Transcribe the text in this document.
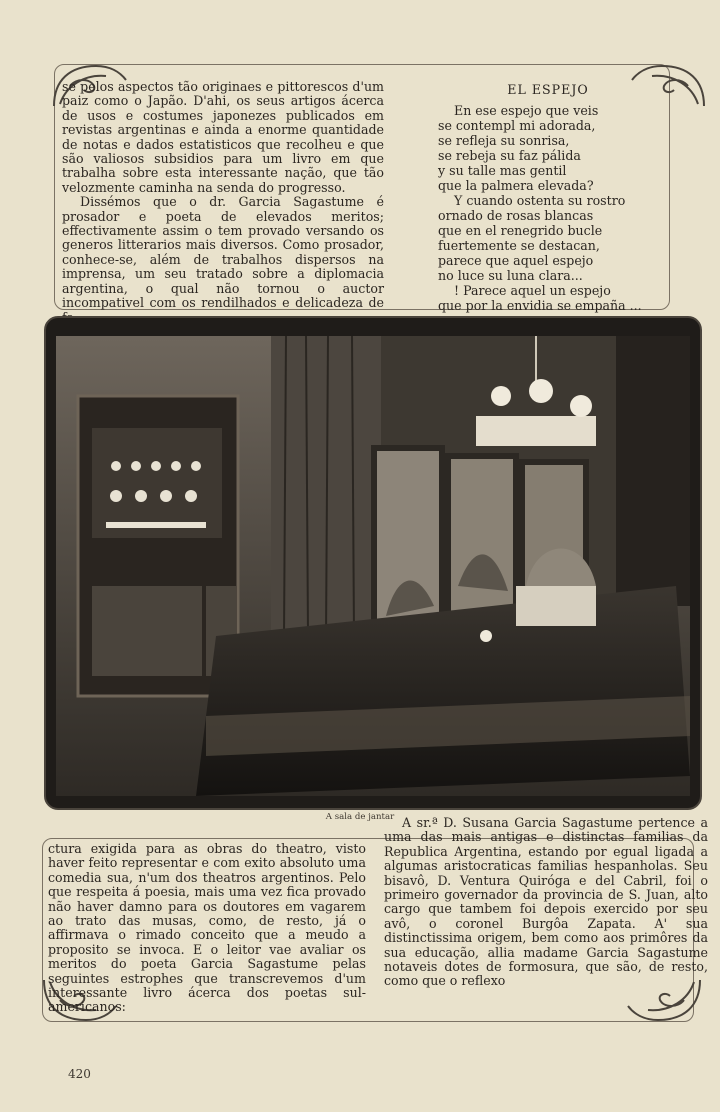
se pelos aspectos tão originaes e pittorescos d'um paiz como o Japão. D'ahi, os seus artigos ácerca de usos e costumes japonezes publicados em revistas argentinas e ainda a enorme quantidade de notas e dados estatisticos que recolheu e que são valiosos subsidios para um livro em que trabalha sobre esta interessante nação, que tão velozmente caminha na senda do progresso.

Dissémos que o dr. Garcia Sagastume é prosador e poeta de elevados meritos; effectivamente assim o tem provado versando os generos litterarios mais diversos. Como prosador, conhece-se, além de trabalhos dispersos na imprensa, um seu tratado sobre a diplomacia argentina, o qual não tornou o auctor incompativel com os rendilhados e delicadeza de

EL ESPEJO
En ese espejo que veis
se contempl mi adorada,
se refleja su sonrisa,
se rebeja su faz pálida
y su talle mas gentil
que la palmera elevada?
Y cuando ostenta su rostro
ornado de rosas blancas
que en el renegrido bucle
fuertemente se destacan,
parece que aquel espejo
no luce su luna clara...
! Parece aquel un espejo
que por la envidia se empaña ...
A sala de jantar

ctura exigida para as obras do theatro, visto haver feito representar e com exito absoluto uma comedia sua, n'um dos theatros argentinos. Pelo que respeita á poesia, mais uma vez fica provado não haver damno para os doutores em vagarem ao trato das musas, como, de resto, já o affirmava o rimado conceito que a meudo a proposito se invoca. E o leitor vae avaliar os meritos do poeta Garcia Sagastume pelas seguintes estrophes que transcrevemos d'um interessante livro ácerca dos poetas sul-americanos:

A sr.ª D. Susana Garcia Sagastume pertence a uma das mais antigas e distinctas familias da Republica Argentina, estando por egual ligada a algumas aristocraticas familias hespanholas. Seu bisavô, D. Ventura Quiróga e del Cabril, foi o primeiro governador da provincia de S. Juan, alto cargo que tambem foi depois exercido por seu avô, o coronel Burgôa Zapata. A' sua distinctissima origem, bem como aos primôres da sua educação, allia madame Garcia Sagastume notaveis dotes de formosura, que são, de resto, como que o reflexo

420
